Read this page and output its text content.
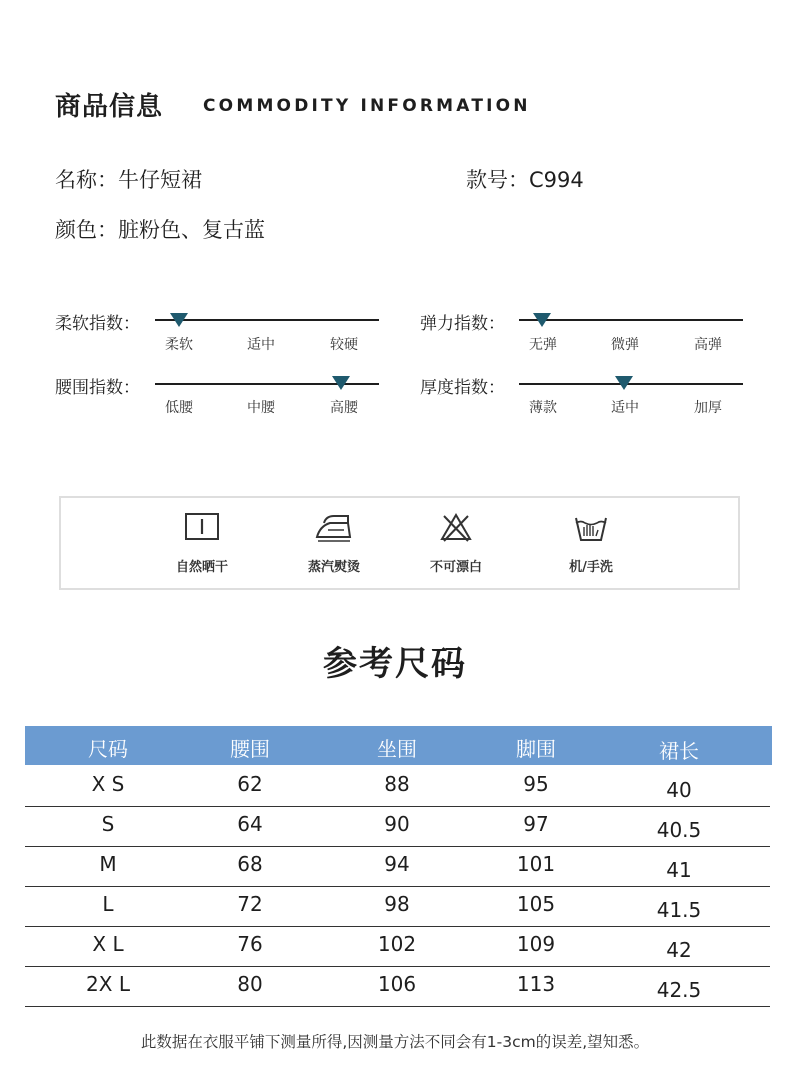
商品信息 COMMODITY INFORMATION
名称：牛仔短裙	款号：C994
颜色：脏粉色、复古蓝
柔软指数：
柔软	适中	较硬
弹力指数：
无弹	微弹	高弹
腰围指数：
低腰	中腰	高腰
厚度指数：
薄款	适中	加厚
自然晒干	蒸汽熨烫	不可漂白	机/手洗
参考尺码
尺码	腰围	坐围	脚围	裙长
X S	62	88	95	40
S	64	90	97	40.5
M	68	94	101	41
L	72	98	105	41.5
X L	76	102	109	42
2X L	80	106	113	42.5
此数据在衣服平铺下测量所得,因测量方法不同会有1-3cm的误差,望知悉。
